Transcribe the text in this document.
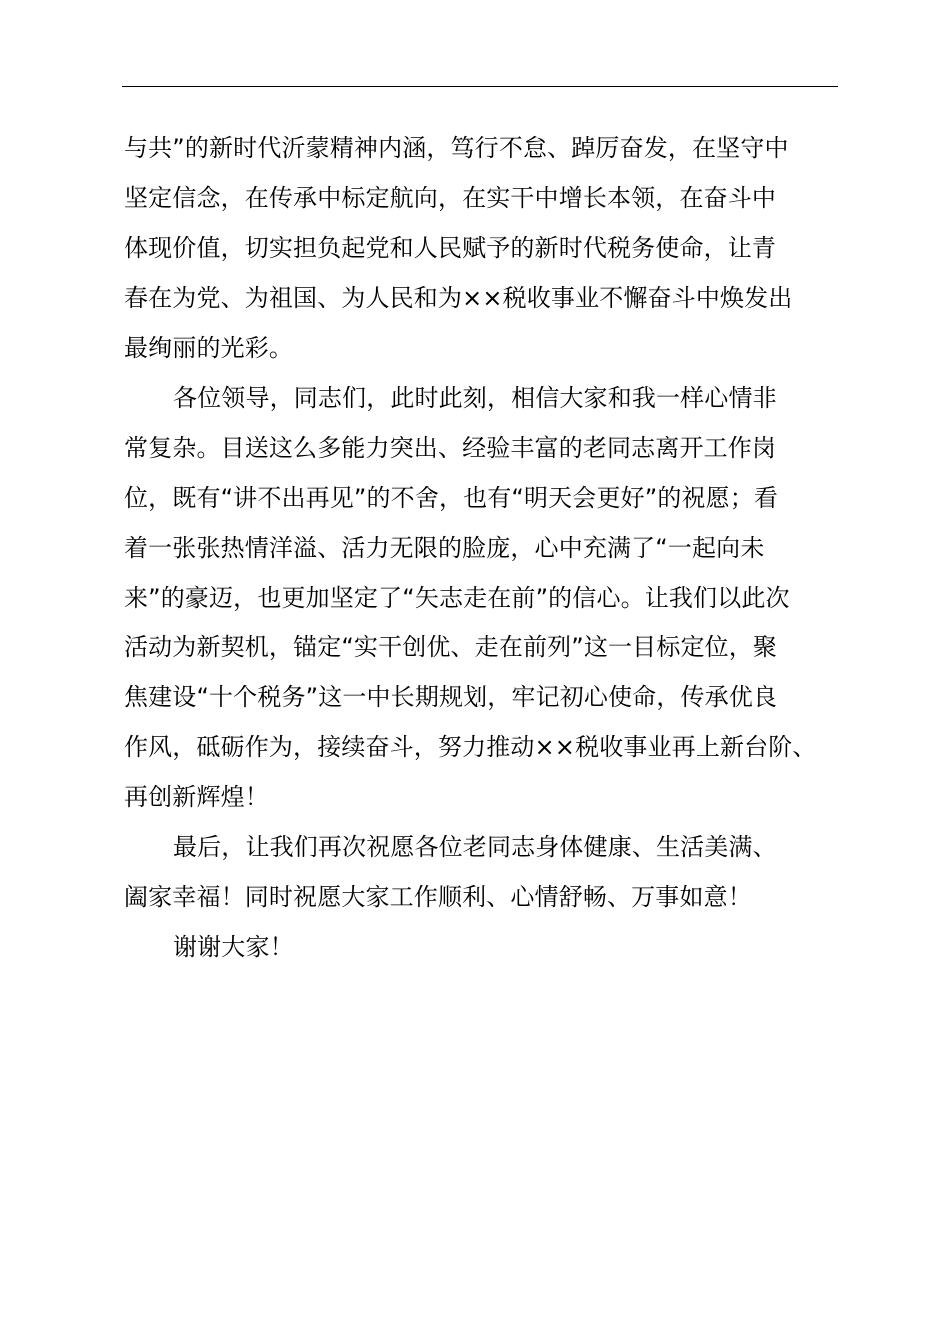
与共”的新时代沂蒙精神内涵，笃行不怠、踔厉奋发，在坚守中
坚定信念，在传承中标定航向，在实干中增长本领，在奋斗中
体现价值，切实担负起党和人民赋予的新时代税务使命，让青
春在为党、为祖国、为人民和为××税收事业不懈奋斗中焕发出
最绚丽的光彩。
各位领导，同志们，此时此刻，相信大家和我一样心情非
常复杂。目送这么多能力突出、经验丰富的老同志离开工作岗
位，既有“讲不出再见”的不舍，也有“明天会更好”的祝愿；看
着一张张热情洋溢、活力无限的脸庞，心中充满了“一起向未
来”的豪迈，也更加坚定了“矢志走在前”的信心。让我们以此次
活动为新契机，锚定“实干创优、走在前列”这一目标定位，聚
焦建设“十个税务”这一中长期规划，牢记初心使命，传承优良
作风，砥砺作为，接续奋斗，努力推动××税收事业再上新台阶、
再创新辉煌！
最后，让我们再次祝愿各位老同志身体健康、生活美满、
阖家幸福！同时祝愿大家工作顺利、心情舒畅、万事如意！
谢谢大家！
